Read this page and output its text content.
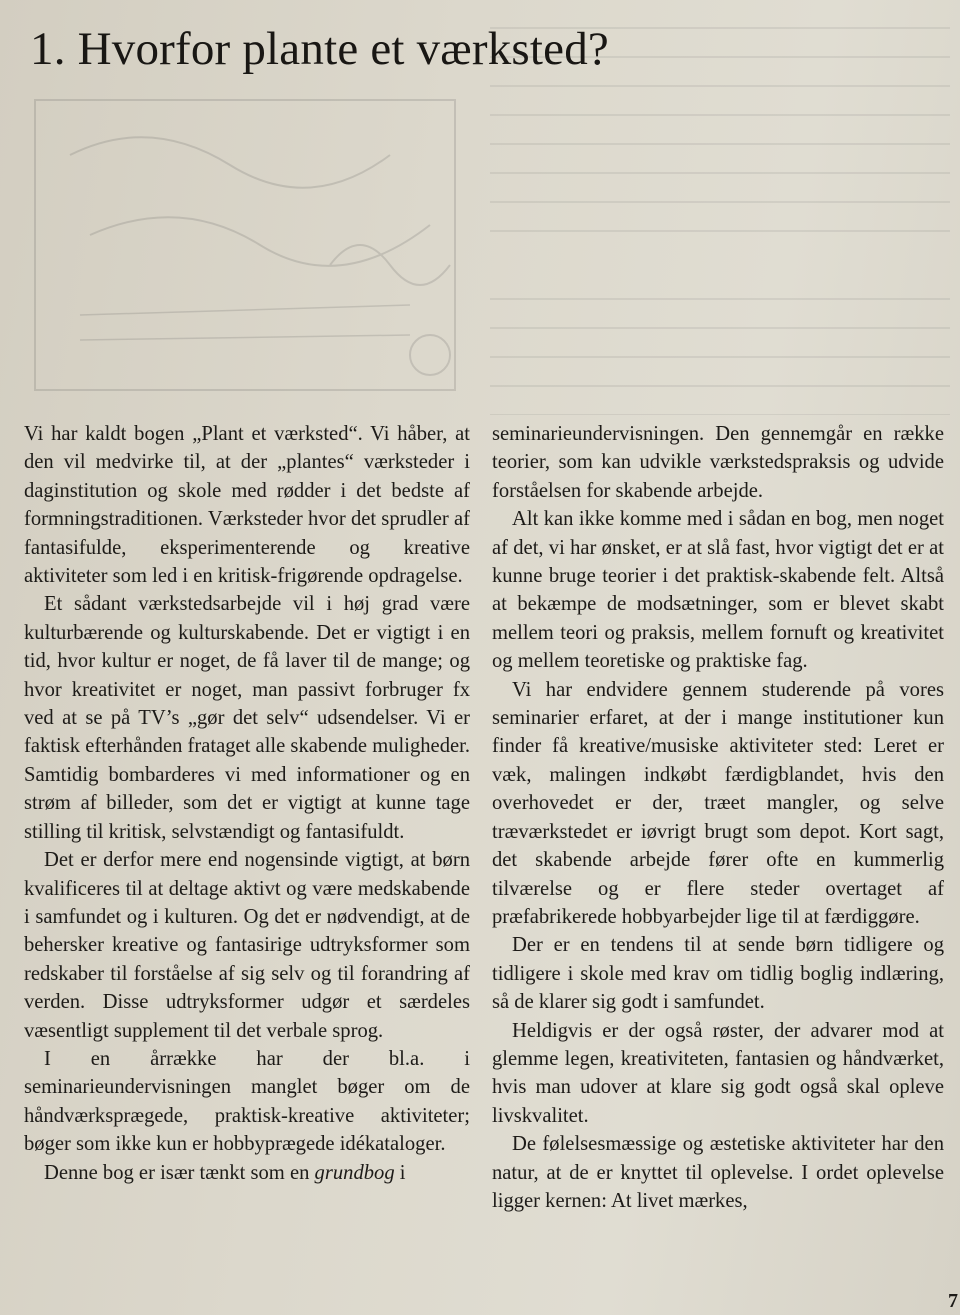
1. Hvorfor plante et værksted?

Vi har kaldt bogen „Plant et værksted“. Vi håber, at den vil medvirke til, at der „plantes“ værksteder i daginstitution og skole med rødder i det bedste af formningstraditionen. Værksteder hvor det sprudler af fantasifulde, eksperimenterende og kreative aktiviteter som led i en kritisk-frigørende opdragelse.

Et sådant værkstedsarbejde vil i høj grad være kulturbærende og kulturskabende. Det er vigtigt i en tid, hvor kultur er noget, de få laver til de mange; og hvor kreativitet er noget, man passivt forbruger fx ved at se på TV’s „gør det selv“ udsendelser. Vi er faktisk efterhånden frataget alle skabende muligheder. Samtidig bombarderes vi med informationer og en strøm af billeder, som det er vigtigt at kunne tage stilling til kritisk, selvstændigt og fantasifuldt.

Det er derfor mere end nogensinde vigtigt, at børn kvalificeres til at deltage aktivt og være medskabende i samfundet og i kulturen. Og det er nødvendigt, at de behersker kreative og fantasirige udtryksformer som redskaber til forståelse af sig selv og til forandring af verden. Disse udtryksformer udgør et særdeles væsentligt supplement til det verbale sprog.

I en årrække har der bl.a. i seminarieundervisningen manglet bøger om de håndværksprægede, praktisk-kreative aktiviteter; bøger som ikke kun er hobbyprægede idékataloger.

Denne bog er især tænkt som en grundbog i

seminarieundervisningen. Den gennemgår en række teorier, som kan udvikle værkstedspraksis og udvide forståelsen for skabende arbejde.

Alt kan ikke komme med i sådan en bog, men noget af det, vi har ønsket, er at slå fast, hvor vigtigt det er at kunne bruge teorier i det praktisk-skabende felt. Altså at bekæmpe de modsætninger, som er blevet skabt mellem teori og praksis, mellem fornuft og kreativitet og mellem teoretiske og praktiske fag.

Vi har endvidere gennem studerende på vores seminarier erfaret, at der i mange institutioner kun finder få kreative/musiske aktiviteter sted: Leret er væk, malingen indkøbt færdigblandet, hvis den overhovedet er der, træet mangler, og selve træværkstedet er iøvrigt brugt som depot. Kort sagt, det skabende arbejde fører ofte en kummerlig tilværelse og er flere steder overtaget af præfabrikerede hobbyarbejder lige til at færdiggøre.

Der er en tendens til at sende børn tidligere og tidligere i skole med krav om tidlig boglig indlæring, så de klarer sig godt i samfundet.

Heldigvis er der også røster, der advarer mod at glemme legen, kreativiteten, fantasien og håndværket, hvis man udover at klare sig godt også skal opleve livskvalitet.

De følelsesmæssige og æstetiske aktiviteter har den natur, at de er knyttet til oplevelse. I ordet oplevelse ligger kernen: At livet mærkes,

7
